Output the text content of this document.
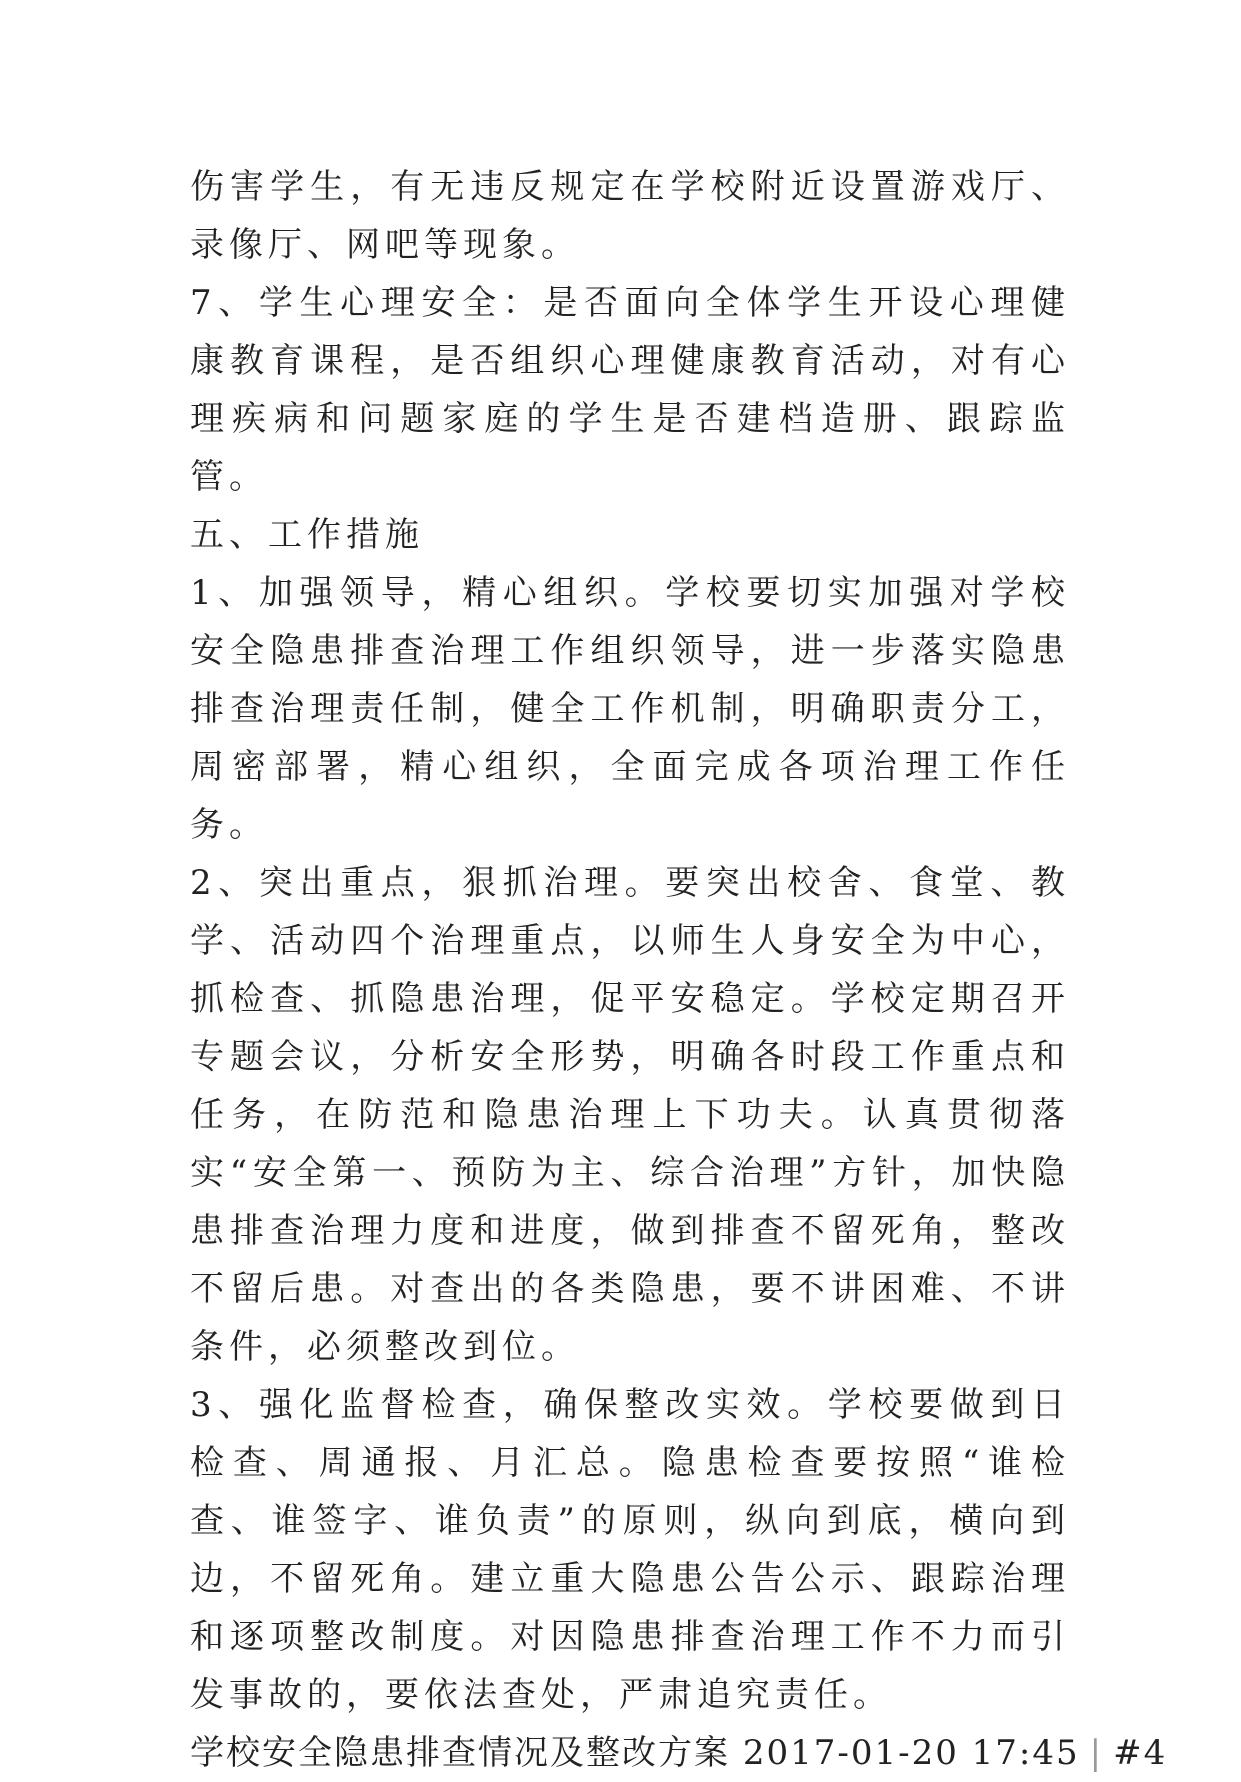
伤害学生，有无违反规定在学校附近设置游戏厅、录像厅、网吧等现象。

7、学生心理安全：是否面向全体学生开设心理健康教育课程，是否组织心理健康教育活动，对有心理疾病和问题家庭的学生是否建档造册、跟踪监管。

五、工作措施

1、加强领导，精心组织。学校要切实加强对学校安全隐患排查治理工作组织领导，进一步落实隐患排查治理责任制，健全工作机制，明确职责分工，周密部署，精心组织，全面完成各项治理工作任务。

2、突出重点，狠抓治理。要突出校舍、食堂、教学、活动四个治理重点，以师生人身安全为中心，抓检查、抓隐患治理，促平安稳定。学校定期召开专题会议，分析安全形势，明确各时段工作重点和任务，在防范和隐患治理上下功夫。认真贯彻落实“安全第一、预防为主、综合治理”方针，加快隐患排查治理力度和进度，做到排查不留死角，整改不留后患。对查出的各类隐患，要不讲困难、不讲条件，必须整改到位。

3、强化监督检查，确保整改实效。学校要做到日检查、周通报、月汇总。隐患检查要按照“谁检查、谁签字、谁负责”的原则，纵向到底，横向到边，不留死角。建立重大隐患公告公示、跟踪治理和逐项整改制度。对因隐患排查治理工作不力而引发事故的，要依法查处，严肃追究责任。

学校安全隐患排查情况及整改方案 2017-01-20 17:45 | #4
